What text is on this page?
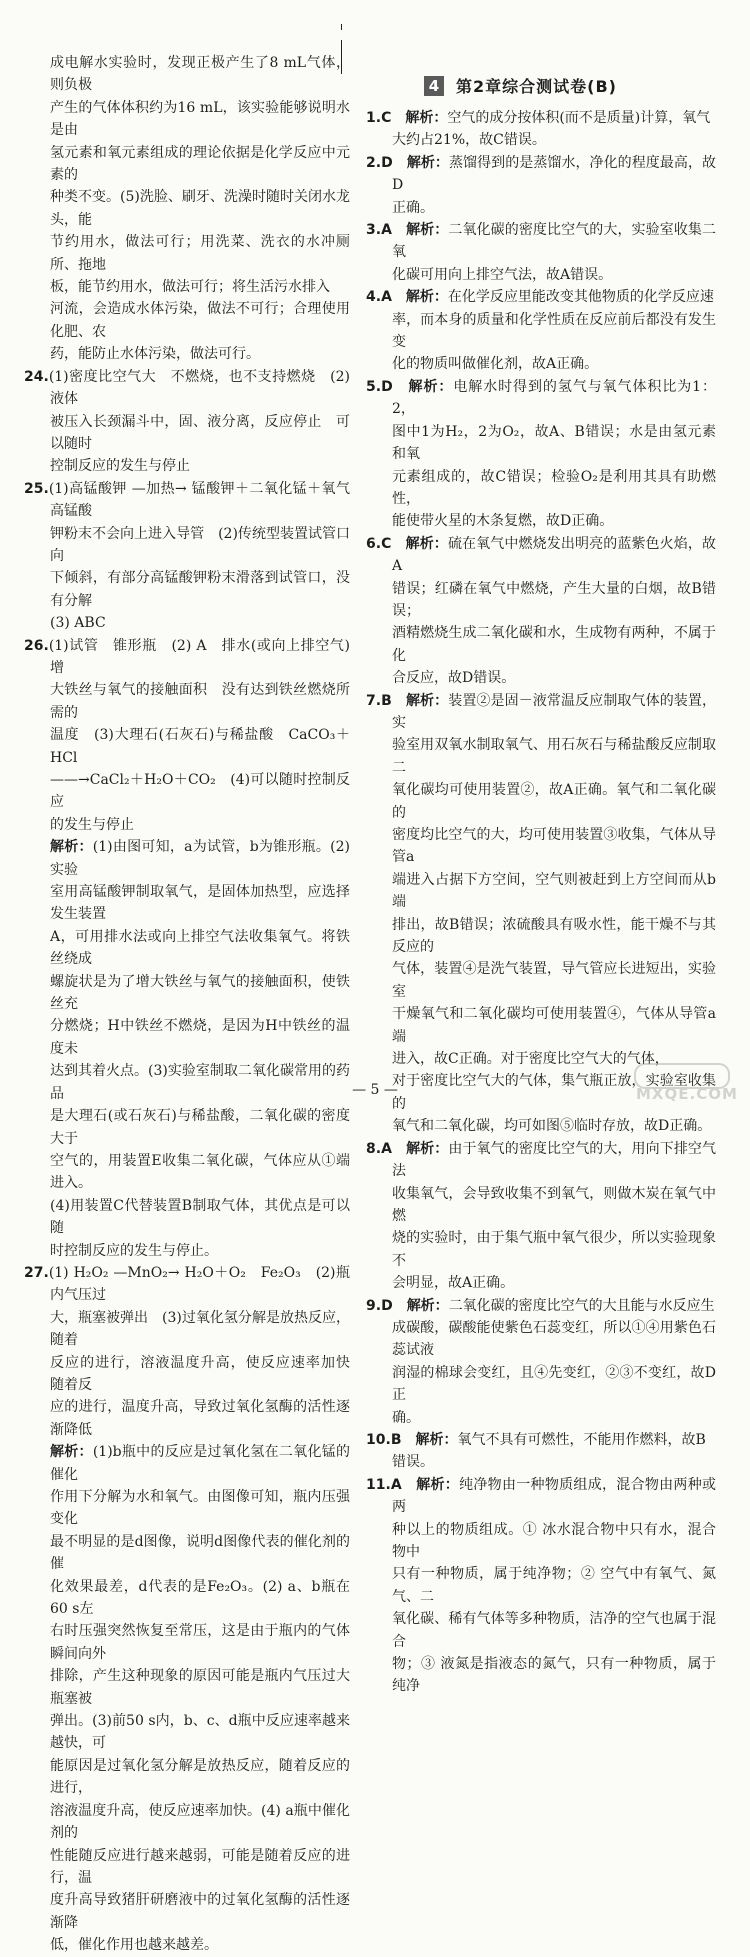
成电解水实验时，发现正极产生了8 mL气体，则负极
产生的气体体积约为16 mL，该实验能够说明水是由
氢元素和氧元素组成的理论依据是化学反应中元素的
种类不变。(5)洗脸、刷牙、洗澡时随时关闭水龙头，能
节约用水，做法可行；用洗菜、洗衣的水冲厕所、拖地
板，能节约用水，做法可行；将生活污水排入
河流，会造成水体污染，做法不可行；合理使用化肥、农
药，能防止水体污染，做法可行。
24.(1)密度比空气大　不燃烧，也不支持燃烧　(2)液体
被压入长颈漏斗中，固、液分离，反应停止　可以随时
控制反应的发生与停止
25.(1)高锰酸钾 —加热→ 锰酸钾＋二氧化锰＋氧气　高锰酸
钾粉末不会向上进入导管　(2)传统型装置试管口向
下倾斜，有部分高锰酸钾粉末滑落到试管口，没有分解
(3) ABC
26.(1)试管　锥形瓶　(2) A　排水(或向上排空气)　增
大铁丝与氧气的接触面积　没有达到铁丝燃烧所需的
温度　(3)大理石(石灰石)与稀盐酸　CaCO₃＋HCl
——→CaCl₂＋H₂O＋CO₂　(4)可以随时控制反应
的发生与停止
解析：(1)由图可知，a为试管，b为锥形瓶。(2)实验
室用高锰酸钾制取氧气，是固体加热型，应选择发生装置
A，可用排水法或向上排空气法收集氧气。将铁丝绕成
螺旋状是为了增大铁丝与氧气的接触面积，使铁丝充
分燃烧；H中铁丝不燃烧，是因为H中铁丝的温度未
达到其着火点。(3)实验室制取二氧化碳常用的药品
是大理石(或石灰石)与稀盐酸，二氧化碳的密度大于
空气的，用装置E收集二氧化碳，气体应从①端进入。
(4)用装置C代替装置B制取气体，其优点是可以随
时控制反应的发生与停止。
27.(1) H₂O₂ —MnO₂→ H₂O＋O₂　Fe₂O₃　(2)瓶内气压过
大，瓶塞被弹出　(3)过氧化氢分解是放热反应，随着
反应的进行，溶液温度升高，使反应速率加快　随着反
应的进行，温度升高，导致过氧化氢酶的活性逐渐降低
解析：(1)b瓶中的反应是过氧化氢在二氧化锰的催化
作用下分解为水和氧气。由图像可知，瓶内压强变化
最不明显的是d图像，说明d图像代表的催化剂的催
化效果最差，d代表的是Fe₂O₃。(2) a、b瓶在60 s左
右时压强突然恢复至常压，这是由于瓶内的气体瞬间向外
排除，产生这种现象的原因可能是瓶内气压过大瓶塞被
弹出。(3)前50 s内，b、c、d瓶中反应速率越来越快，可
能原因是过氧化氢分解是放热反应，随着反应的进行，
溶液温度升高，使反应速率加快。(4) a瓶中催化剂的
性能随反应进行越来越弱，可能是随着反应的进行，温
度升高导致猪肝研磨液中的过氧化氢酶的活性逐渐降
低，催化作用也越来越差。
4 第2章综合测试卷(B)
1.C　 解析：空气的成分按体积(而不是质量)计算，氧气
大约占21%，故C错误。
2.D　 解析：蒸馏得到的是蒸馏水，净化的程度最高，故D
正确。
3.A　 解析：二氧化碳的密度比空气的大，实验室收集二氧
化碳可用向上排空气法，故A错误。
4.A　 解析：在化学反应里能改变其他物质的化学反应速
率，而本身的质量和化学性质在反应前后都没有发生变
化的物质叫做催化剂，故A正确。
5.D　 解析：电解水时得到的氢气与氧气体积比为1：2，
图中1为H₂，2为O₂，故A、B错误；水是由氢元素和氧
元素组成的，故C错误；检验O₂是利用其具有助燃性，
能使带火星的木条复燃，故D正确。
6.C　 解析：硫在氧气中燃烧发出明亮的蓝紫色火焰，故A
错误；红磷在氧气中燃烧，产生大量的白烟，故B错误；
酒精燃烧生成二氧化碳和水，生成物有两种，不属于化
合反应，故D错误。
7.B　 解析：装置②是固－液常温反应制取气体的装置，实
验室用双氧水制取氧气、用石灰石与稀盐酸反应制取二
氧化碳均可使用装置②，故A正确。氧气和二氧化碳的
密度均比空气的大，均可使用装置③收集，气体从导管a
端进入占据下方空间，空气则被赶到上方空间而从b端
排出，故B错误；浓硫酸具有吸水性，能干燥不与其反应的
气体，装置④是洗气装置，导气管应长进短出，实验室
干燥氧气和二氧化碳均可使用装置④，气体从导管a端
进入，故C正确。对于密度比空气大的气体，
对于密度比空气大的气体，集气瓶正放，实验室收集的
氧气和二氧化碳，均可如图⑤临时存放，故D正确。
8.A　 解析：由于氧气的密度比空气的大，用向下排空气法
收集氧气，会导致收集不到氧气，则做木炭在氧气中燃
烧的实验时，由于集气瓶中氧气很少，所以实验现象不
会明显，故A正确。
9.D　 解析：二氧化碳的密度比空气的大且能与水反应生
成碳酸，碳酸能使紫色石蕊变红，所以①④用紫色石蕊试液
润湿的棉球会变红，且④先变红，②③不变红，故D正
确。
10.B　 解析：氧气不具有可燃性，不能用作燃料，故B
错误。
11.A　 解析：纯净物由一种物质组成，混合物由两种或两
种以上的物质组成。① 冰水混合物中只有水，混合物中
只有一种物质，属于纯净物；② 空气中有氧气、氮气、二
氧化碳、稀有气体等多种物质，洁净的空气也属于混合
物；③ 液氮是指液态的氮气，只有一种物质，属于纯净
— 5 —	MXQE.COM
